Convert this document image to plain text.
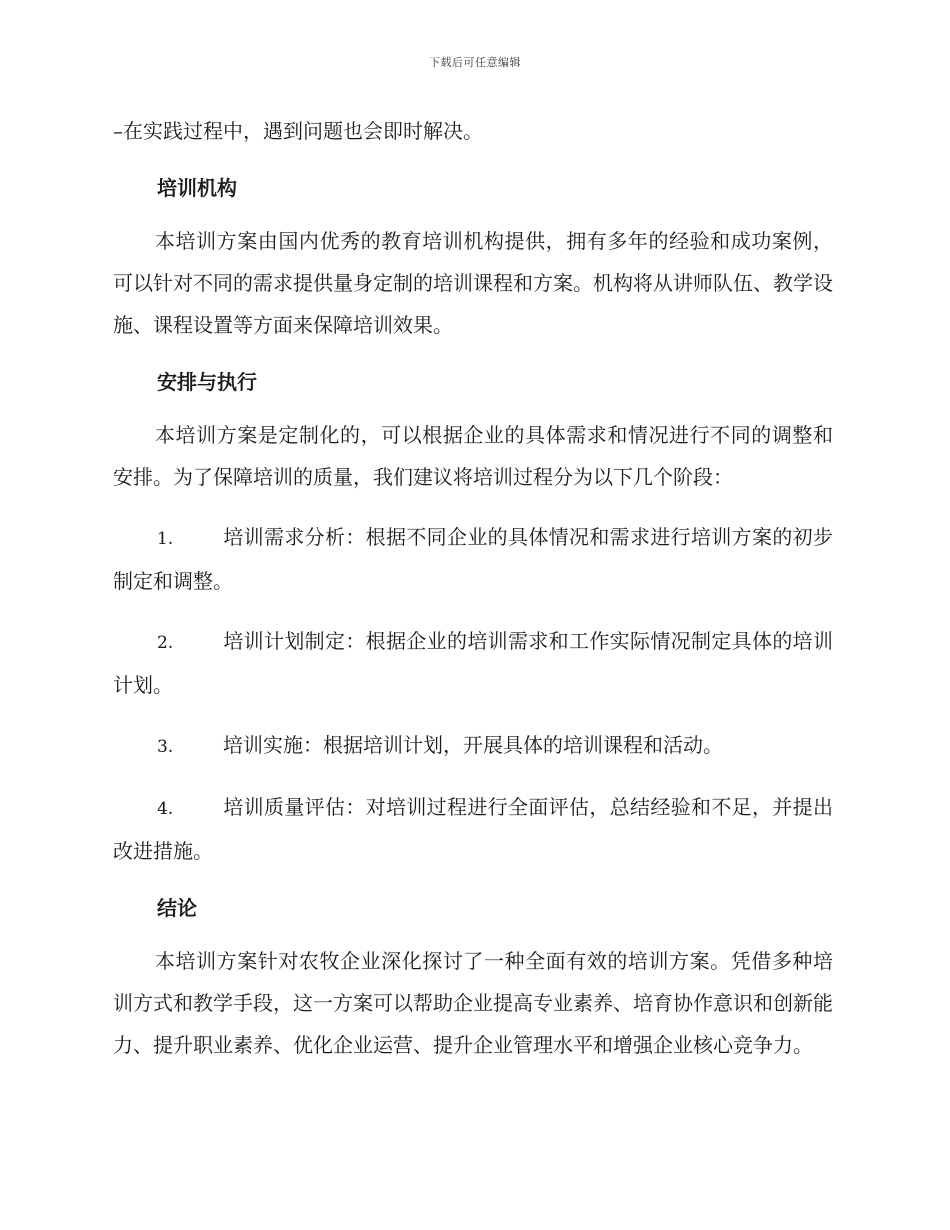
下载后可任意编辑

–在实践过程中，遇到问题也会即时解决。

培训机构

本培训方案由国内优秀的教育培训机构提供，拥有多年的经验和成功案例，可以针对不同的需求提供量身定制的培训课程和方案。机构将从讲师队伍、教学设施、课程设置等方面来保障培训效果。

安排与执行

本培训方案是定制化的，可以根据企业的具体需求和情况进行不同的调整和安排。为了保障培训的质量，我们建议将培训过程分为以下几个阶段：

1. 培训需求分析：根据不同企业的具体情况和需求进行培训方案的初步制定和调整。

2. 培训计划制定：根据企业的培训需求和工作实际情况制定具体的培训计划。

3. 培训实施：根据培训计划，开展具体的培训课程和活动。

4. 培训质量评估：对培训过程进行全面评估，总结经验和不足，并提出改进措施。

结论

本培训方案针对农牧企业深化探讨了一种全面有效的培训方案。凭借多种培训方式和教学手段，这一方案可以帮助企业提高专业素养、培育协作意识和创新能力、提升职业素养、优化企业运营、提升企业管理水平和增强企业核心竞争力。
